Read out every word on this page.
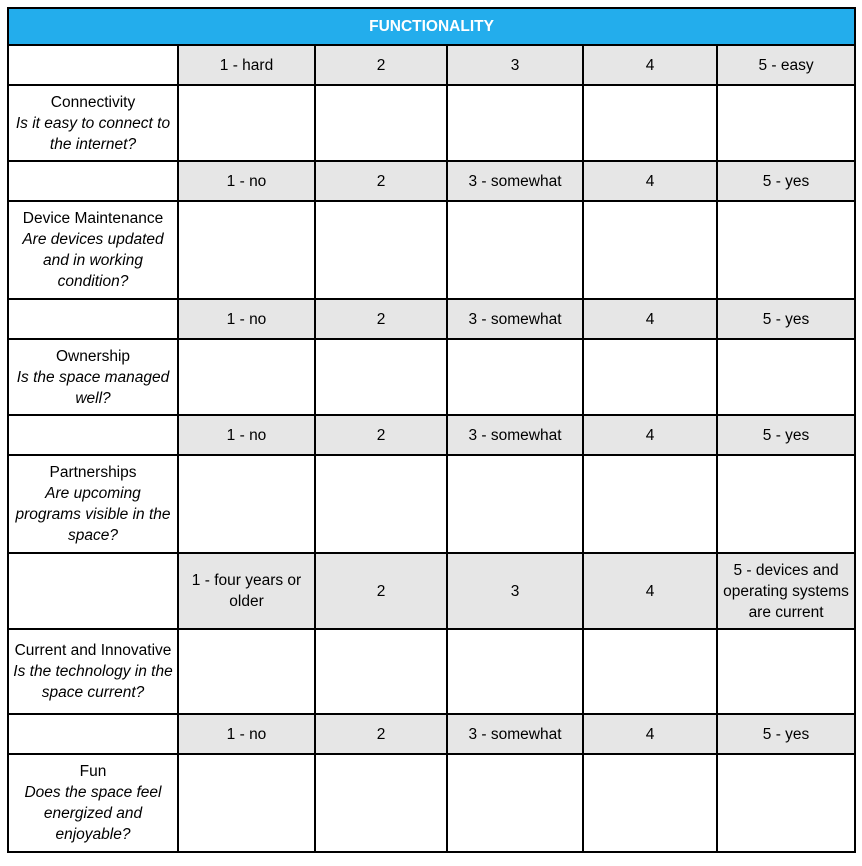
FUNCTIONALITY					
	1 - hard	2	3	4	5 - easy

Connectivity
Is it easy to connect to the internet?					

	1 - no	2	3 - somewhat	4	5 - yes

Device Maintenance
Are devices updated and in working condition?					

	1 - no	2	3 - somewhat	4	5 - yes

Ownership
Is the space managed well?					

	1 - no	2	3 - somewhat	4	5 - yes

Partnerships
Are upcoming programs visible in the space?					

	1 - four years or older	2	3	4	5 - devices and operating systems are current

Current and Innovative
Is the technology in the space current?					

	1 - no	2	3 - somewhat	4	5 - yes

Fun
Does the space feel energized and enjoyable?					
